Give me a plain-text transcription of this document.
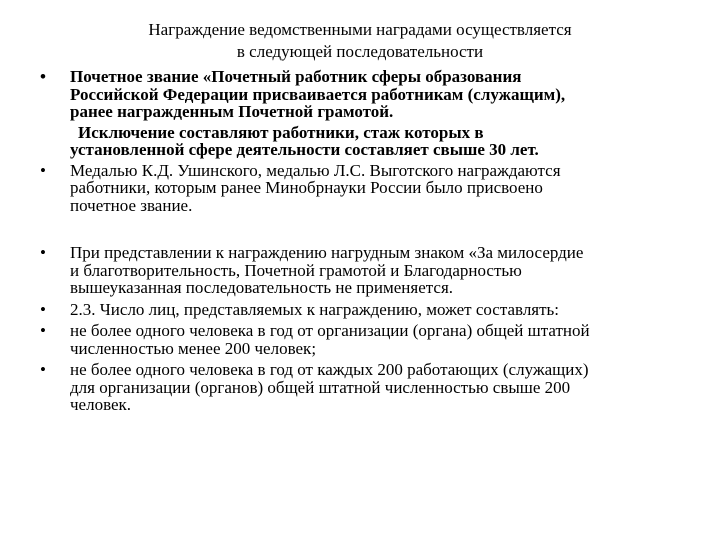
Награждение ведомственными наградами осуществляется
в следующей последовательности
• Почетное звание «Почетный работник сферы образования
Российской Федерации присваивается работникам (служащим),
ранее награжденным Почетной грамотой.
Исключение составляют работники, стаж которых в
установленной сфере деятельности составляет свыше 30 лет.
• Медалью К.Д. Ушинского, медалью Л.С. Выготского награждаются
работники, которым ранее Минобрнауки России было присвоено
почетное звание.
• При представлении к награждению нагрудным знаком «За милосердие
и благотворительность, Почетной грамотой и Благодарностью
вышеуказанная последовательность не применяется.
• 2.3. Число лиц, представляемых к награждению, может составлять:
• не более одного человека в год от организации (органа) общей штатной
численностью менее 200 человек;
• не более одного человека в год от каждых 200 работающих (служащих)
для организации (органов) общей штатной численностью свыше 200
человек.
